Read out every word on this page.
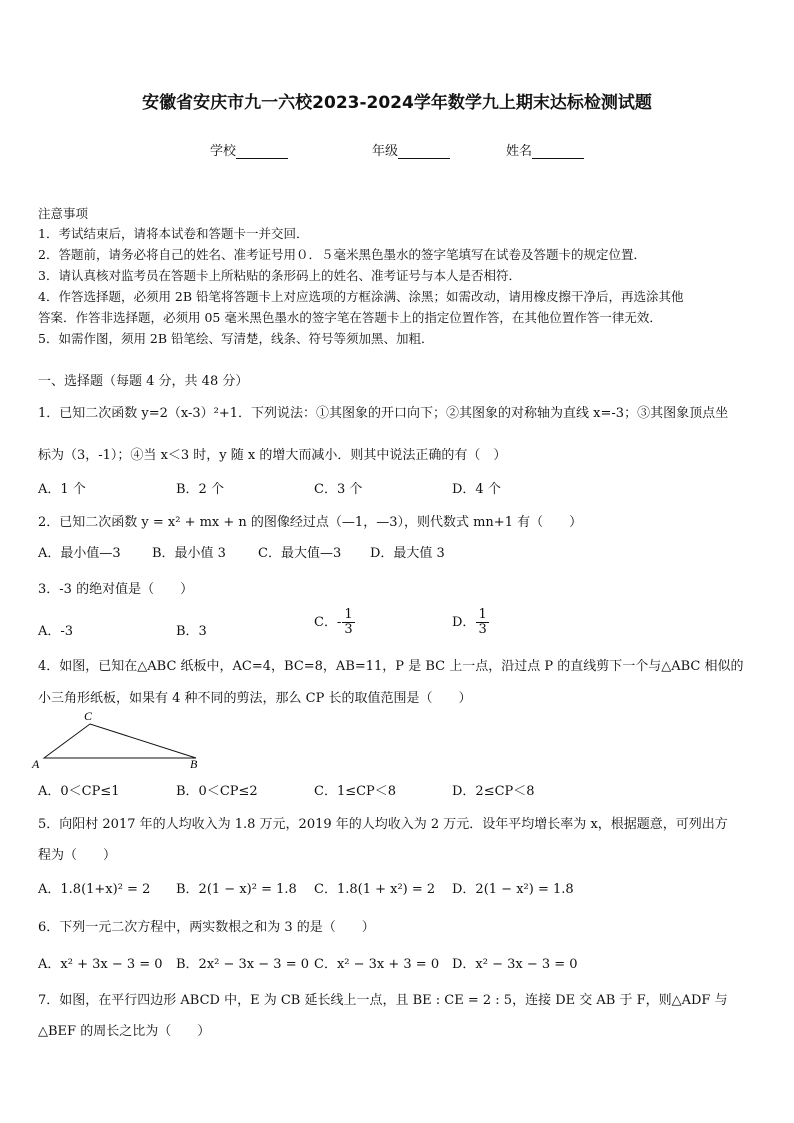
安徽省安庆市九一六校2023-2024学年数学九上期末达标检测试题
学校	年级	姓名
注意事项
1．考试结束后，请将本试卷和答题卡一并交回．
2．答题前，请务必将自己的姓名、准考证号用０．５毫米黑色墨水的签字笔填写在试卷及答题卡的规定位置．
3．请认真核对监考员在答题卡上所粘贴的条形码上的姓名、准考证号与本人是否相符．
4．作答选择题，必须用 2B 铅笔将答题卡上对应选项的方框涂满、涂黑；如需改动，请用橡皮擦干净后，再选涂其他
答案．作答非选择题，必须用 05 毫米黑色墨水的签字笔在答题卡上的指定位置作答，在其他位置作答一律无效．
5．如需作图，须用 2B 铅笔绘、写清楚，线条、符号等须加黑、加粗．
一、选择题（每题 4 分，共 48 分）
1．已知二次函数 y=2（x-3）²+1．下列说法：①其图象的开口向下；②其图象的对称轴为直线 x=-3；③其图象顶点坐
标为（3，-1）；④当 x＜3 时，y 随 x 的增大而减小．则其中说法正确的有（　）
A．1 个	B．2 个	C．3 个	D．4 个
2．已知二次函数 y = x² + mx + n 的图像经过点（—1，—3），则代数式 mn+1 有（　　）
A．最小值—3 B．最小值 3 C．最大值—3 D．最大值 3
3．-3 的绝对值是（　　）
A．-3	B．3
C．- $\frac{1}{3}$	D． $\frac{1}{3}$
4．如图，已知在△ABC 纸板中，AC=4，BC=8，AB=11，P 是 BC 上一点，沿过点 P 的直线剪下一个与△ABC 相似的
小三角形纸板，如果有 4 种不同的剪法，那么 CP 长的取值范围是（　　）
A
C
B
A．0＜CP≤1	B．0＜CP≤2	C．1≤CP＜8	D．2≤CP＜8
5．向阳村 2017 年的人均收入为 1.8 万元，2019 年的人均收入为 2 万元．设年平均增长率为 x，根据题意，可列出方
程为（　　）
A．1.8(1+x)² = 2 B．2(1 − x)² = 1.8 C．1.8(1 + x²) = 2 D．2(1 − x²) = 1.8
6．下列一元二次方程中，两实数根之和为 3 的是（　　）
A．x² + 3x − 3 = 0 B．2x² − 3x − 3 = 0 C．x² − 3x + 3 = 0 D．x² − 3x − 3 = 0
7．如图，在平行四边形 ABCD 中，E 为 CB 延长线上一点，且 BE : CE = 2 : 5，连接 DE 交 AB 于 F，则△ADF 与
△BEF 的周长之比为（　　）
